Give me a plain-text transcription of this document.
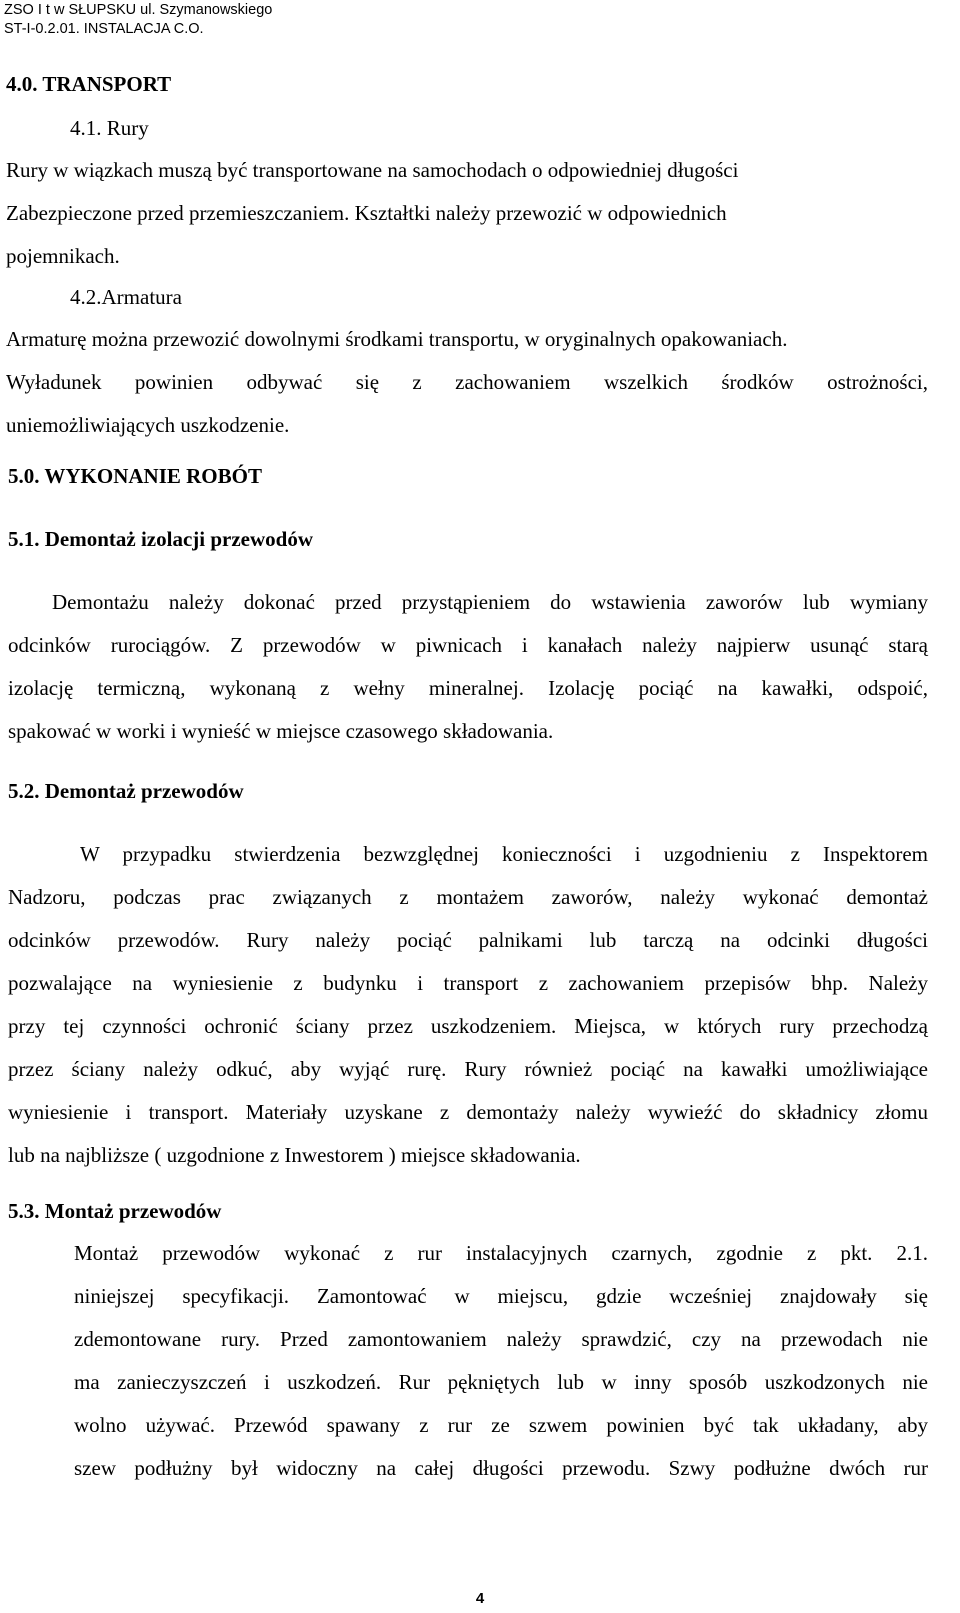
ZSO I t w SŁUPSKU ul. Szymanowskiego
ST-I-0.2.01. INSTALACJA C.O.
4.0. TRANSPORT
4.1. Rury
Rury w wiązkach muszą być transportowane na samochodach o odpowiedniej długości
Zabezpieczone przed przemieszczaniem. Kształtki należy przewozić w odpowiednich
pojemnikach.
4.2.Armatura
Armaturę można przewozić dowolnymi środkami transportu, w oryginalnych opakowaniach.
Wyładunek powinien odbywać się z zachowaniem wszelkich środków ostrożności,
uniemożliwiających uszkodzenie.
5.0. WYKONANIE ROBÓT
5.1. Demontaż izolacji przewodów
Demontażu należy dokonać przed przystąpieniem do wstawienia zaworów lub wymiany
odcinków rurociągów. Z przewodów w piwnicach i kanałach należy najpierw usunąć starą
izolację termiczną, wykonaną z wełny mineralnej. Izolację pociąć na kawałki, odspoić,
spakować w worki i wynieść w miejsce czasowego składowania.
5.2. Demontaż przewodów
W przypadku stwierdzenia bezwzględnej konieczności i uzgodnieniu z Inspektorem
Nadzoru, podczas prac związanych z montażem zaworów, należy wykonać demontaż
odcinków przewodów. Rury należy pociąć palnikami lub tarczą na odcinki długości
pozwalające na wyniesienie z budynku i transport z zachowaniem przepisów bhp. Należy
przy tej czynności ochronić ściany przez uszkodzeniem. Miejsca, w których rury przechodzą
przez ściany należy odkuć, aby wyjąć rurę. Rury również pociąć na kawałki umożliwiające
wyniesienie i transport. Materiały uzyskane z demontaży należy wywieźć do składnicy złomu
lub na najbliższe ( uzgodnione z Inwestorem ) miejsce składowania.
5.3. Montaż przewodów
Montaż przewodów wykonać z rur instalacyjnych czarnych, zgodnie z pkt. 2.1.
niniejszej specyfikacji. Zamontować w miejscu, gdzie wcześniej znajdowały się
zdemontowane rury. Przed zamontowaniem należy sprawdzić, czy na przewodach nie
ma zanieczyszczeń i uszkodzeń. Rur pękniętych lub w inny sposób uszkodzonych nie
wolno używać. Przewód spawany z rur ze szwem powinien być tak układany, aby
szew podłużny był widoczny na całej długości przewodu. Szwy podłużne dwóch rur
4
